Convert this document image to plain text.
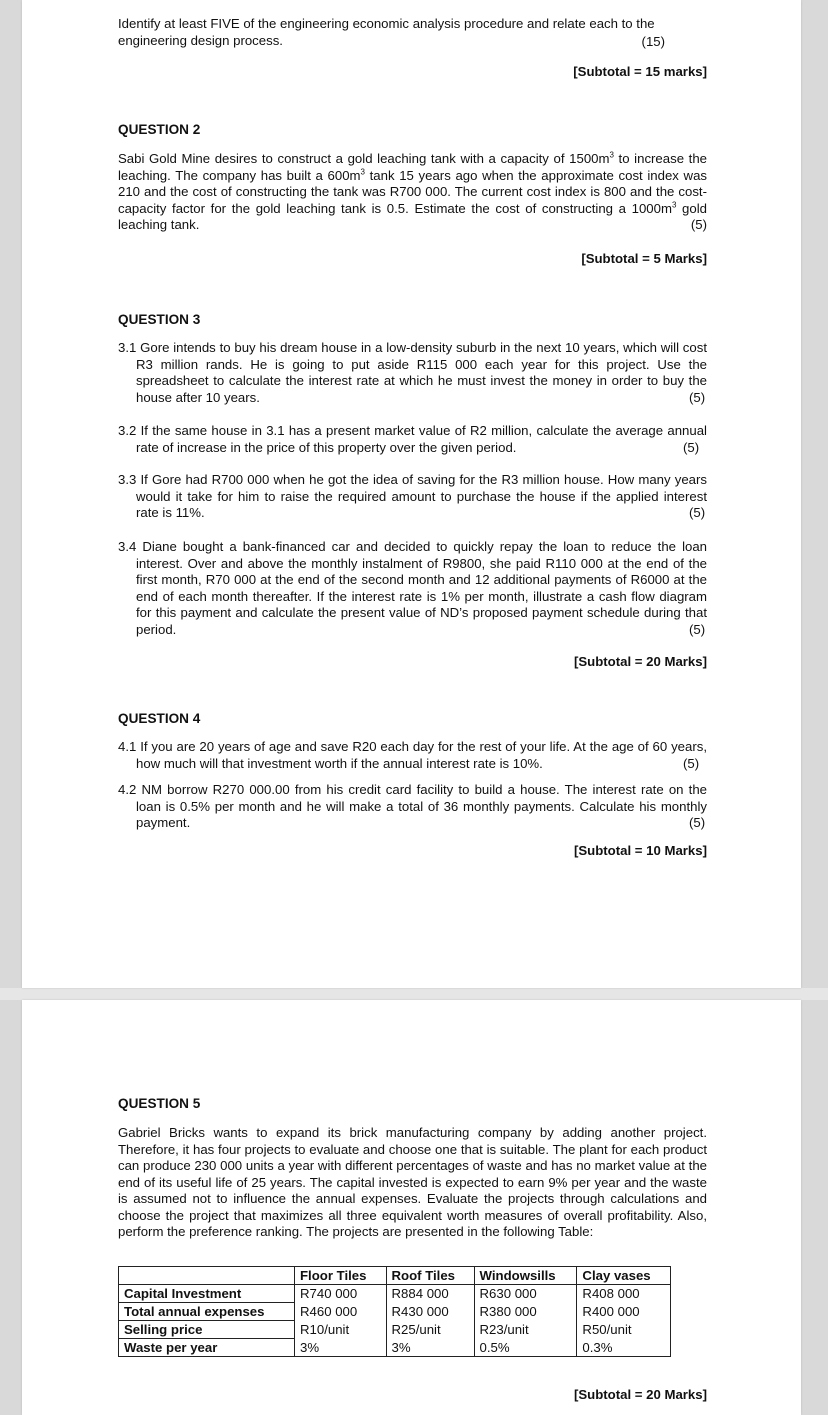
Identify at least FIVE of the engineering economic analysis procedure and relate each to the engineering design process.	(15)

[Subtotal = 15 marks]

QUESTION 2

Sabi Gold Mine desires to construct a gold leaching tank with a capacity of $1500m^3$ to increase the leaching. The company has built a $600m^3$ tank 15 years ago when the approximate cost index was 210 and the cost of constructing the tank was R700 000. The current cost index is 800 and the cost-capacity factor for the gold leaching tank is 0.5. Estimate the cost of constructing a $1000m^3$ gold leaching tank.	(5)

[Subtotal = 5 Marks]

QUESTION 3

3.1 Gore intends to buy his dream house in a low-density suburb in the next 10 years, which will cost R3 million rands. He is going to put aside R115 000 each year for this project. Use the spreadsheet to calculate the interest rate at which he must invest the money in order to buy the house after 10 years.	(5)

3.2 If the same house in 3.1 has a present market value of R2 million, calculate the average annual rate of increase in the price of this property over the given period.	(5)

3.3 If Gore had R700 000 when he got the idea of saving for the R3 million house. How many years would it take for him to raise the required amount to purchase the house if the applied interest rate is 11%.	(5)

3.4 Diane bought a bank-financed car and decided to quickly repay the loan to reduce the loan interest. Over and above the monthly instalment of R9800, she paid R110 000 at the end of the first month, R70 000 at the end of the second month and 12 additional payments of R6000 at the end of each month thereafter. If the interest rate is 1% per month, illustrate a cash flow diagram for this payment and calculate the present value of ND’s proposed payment schedule during that period.	(5)

[Subtotal = 20 Marks]

QUESTION 4

4.1 If you are 20 years of age and save R20 each day for the rest of your life. At the age of 60 years, how much will that investment worth if the annual interest rate is 10%.	(5)

4.2 NM borrow R270 000.00 from his credit card facility to build a house. The interest rate on the loan is 0.5% per month and he will make a total of 36 monthly payments. Calculate his monthly payment.	(5)

[Subtotal = 10 Marks]

QUESTION 5

Gabriel Bricks wants to expand its brick manufacturing company by adding another project. Therefore, it has four projects to evaluate and choose one that is suitable. The plant for each product can produce 230 000 units a year with different percentages of waste and has no market value at the end of its useful life of 25 years. The capital invested is expected to earn 9% per year and the waste is assumed not to influence the annual expenses. Evaluate the projects through calculations and choose the project that maximizes all three equivalent worth measures of overall profitability. Also, perform the preference ranking. The projects are presented in the following Table:

	Floor Tiles	Roof Tiles	Windowsills	Clay vases
Capital Investment	R740 000	R884 000	R630 000	R408 000
Total annual expenses	R460 000	R430 000	R380 000	R400 000
Selling price	R10/unit	R25/unit	R23/unit	R50/unit
Waste per year	3%	3%	0.5%	0.3%

[Subtotal = 20 Marks]
